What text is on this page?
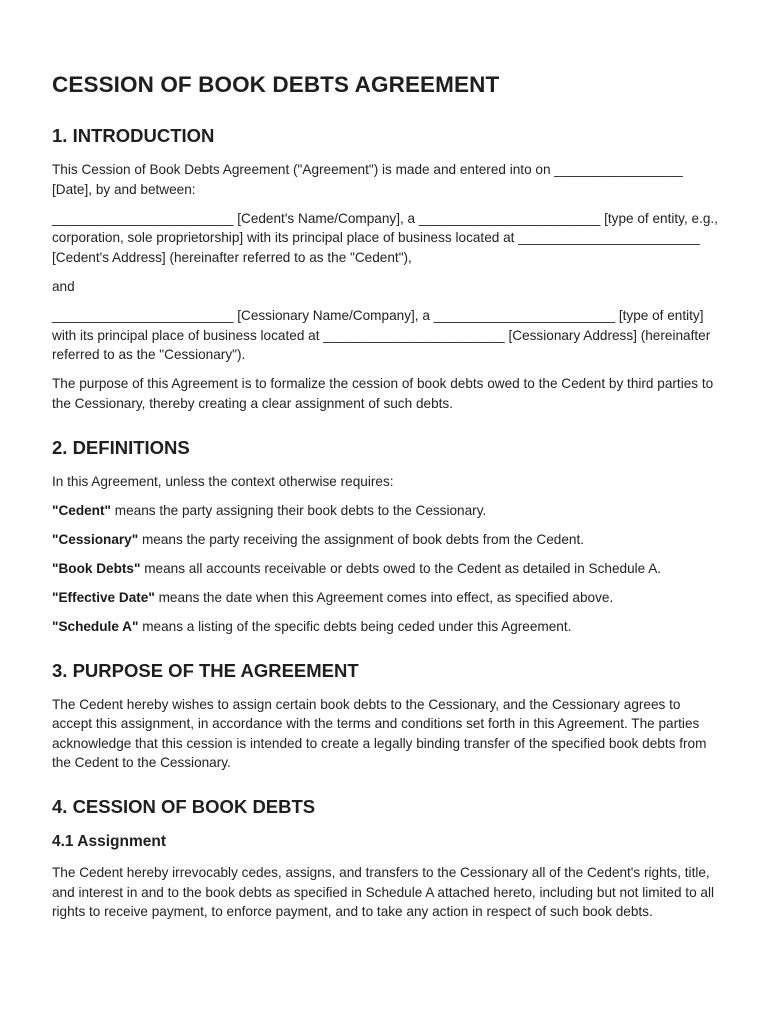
CESSION OF BOOK DEBTS AGREEMENT
1. INTRODUCTION

This Cession of Book Debts Agreement ("Agreement") is made and entered into on _________________ [Date], by and between:

________________________ [Cedent's Name/Company], a ________________________ [type of entity, e.g., corporation, sole proprietorship] with its principal place of business located at ________________________ [Cedent's Address] (hereinafter referred to as the "Cedent"),

and

________________________ [Cessionary Name/Company], a ________________________ [type of entity] with its principal place of business located at ________________________ [Cessionary Address] (hereinafter referred to as the "Cessionary").

The purpose of this Agreement is to formalize the cession of book debts owed to the Cedent by third parties to the Cessionary, thereby creating a clear assignment of such debts.

2. DEFINITIONS

In this Agreement, unless the context otherwise requires:

"Cedent" means the party assigning their book debts to the Cessionary.

"Cessionary" means the party receiving the assignment of book debts from the Cedent.

"Book Debts" means all accounts receivable or debts owed to the Cedent as detailed in Schedule A.

"Effective Date" means the date when this Agreement comes into effect, as specified above.

"Schedule A" means a listing of the specific debts being ceded under this Agreement.

3. PURPOSE OF THE AGREEMENT

The Cedent hereby wishes to assign certain book debts to the Cessionary, and the Cessionary agrees to accept this assignment, in accordance with the terms and conditions set forth in this Agreement. The parties acknowledge that this cession is intended to create a legally binding transfer of the specified book debts from the Cedent to the Cessionary.

4. CESSION OF BOOK DEBTS
4.1 Assignment

The Cedent hereby irrevocably cedes, assigns, and transfers to the Cessionary all of the Cedent's rights, title, and interest in and to the book debts as specified in Schedule A attached hereto, including but not limited to all rights to receive payment, to enforce payment, and to take any action in respect of such book debts.
